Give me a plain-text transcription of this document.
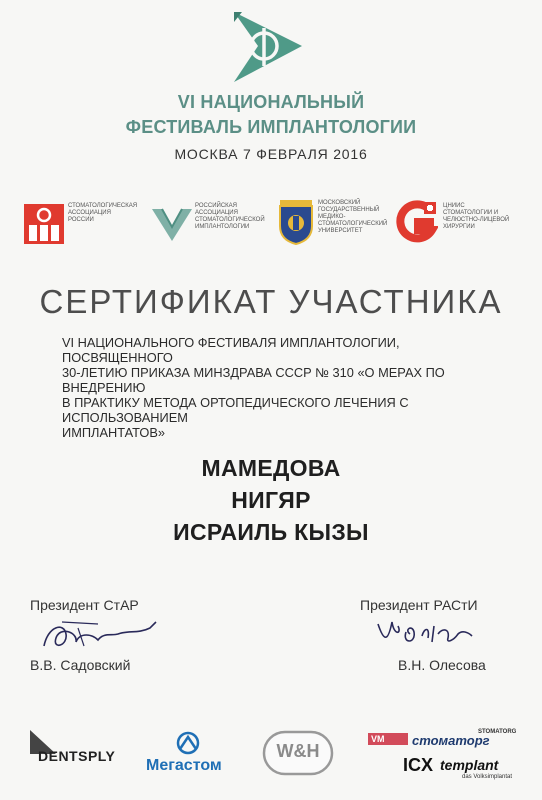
VI НАЦИОНАЛЬНЫЙ
ФЕСТИВАЛЬ ИМПЛАНТОЛОГИИ
МОСКВА 7 ФЕВРАЛЯ 2016
СТОМАТОЛОГИЧЕСКАЯ
АССОЦИАЦИЯ
РОССИИ
РОССИЙСКАЯ
АССОЦИАЦИЯ
СТОМАТОЛОГИЧЕСКОЙ
ИМПЛАНТОЛОГИИ
МОСКОВСКИЙ
ГОСУДАРСТВЕННЫЙ
МЕДИКО-
СТОМАТОЛОГИЧЕСКИЙ
УНИВЕРСИТЕТ
ЦНИИС
СТОМАТОЛОГИИ И
ЧЕЛЮСТНО-ЛИЦЕВОЙ
ХИРУРГИИ
СЕРТИФИКАТ УЧАСТНИКА
VI НАЦИОНАЛЬНОГО ФЕСТИВАЛЯ ИМПЛАНТОЛОГИИ, ПОСВЯЩЕННОГО
30-ЛЕТИЮ ПРИКАЗА МИНЗДРАВА СССР № 310 «О МЕРАХ ПО ВНЕДРЕНИЮ
В ПРАКТИКУ МЕТОДА ОРТОПЕДИЧЕСКОГО ЛЕЧЕНИЯ С ИСПОЛЬЗОВАНИЕМ
ИМПЛАНТАТОВ»
МАМЕДОВА
НИГЯР
ИСРАИЛЬ КЫЗЫ
Президент СтАР
В.В. Садовский
Президент РАСтИ
В.Н. Олесова
DENTSPLY
Мегастом
W&H
VM
STOMATORG
стоматорг
ICX templant
das Volksimplantat
